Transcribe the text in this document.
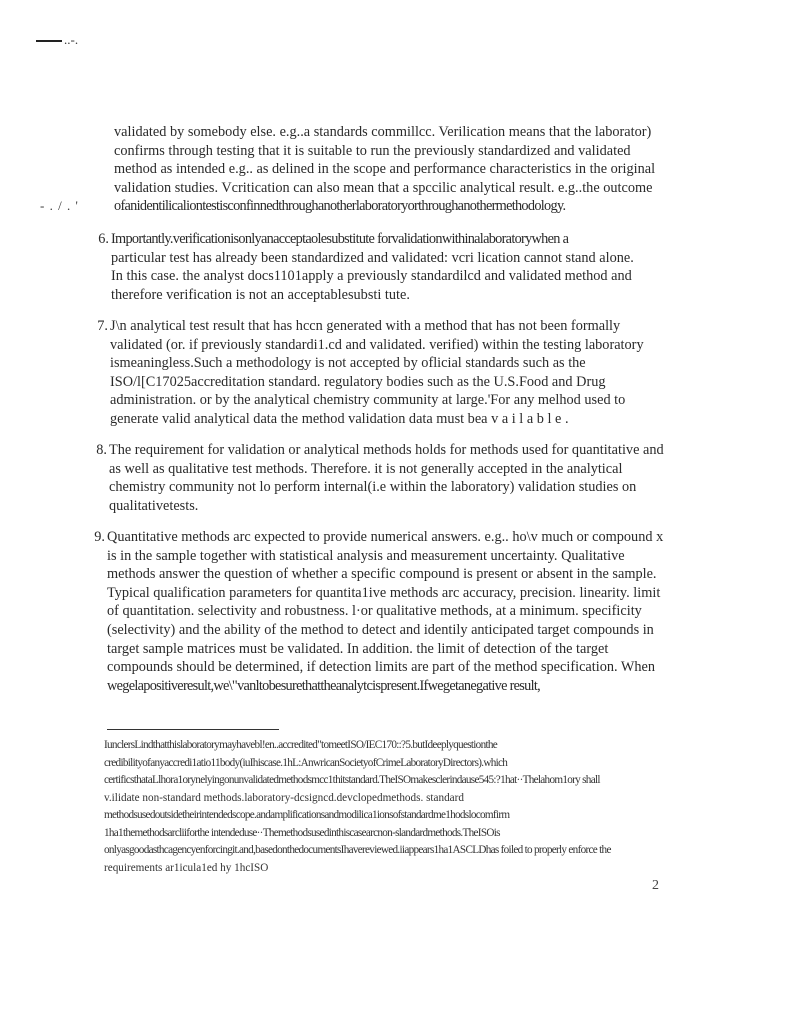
..-.
- . / . '
validated by somebody else. e.g..a standards commillcc. Verilication means that the laborator)
confirms through testing that it is suitable to run the previously standardized and validated
method as intended e.g.. as delined in the scope and performance characteristics in the original
validation studies. Vcritication can also mean that a spccilic analytical result. e.g..the outcome
ofanidentilicaliontestisconfinnedthroughanotherlaboratoryorthroughanothermethodology.
6. Importantly.verificationisonlyanacceptaolesubstitute forvalidationwithinalaboratorywhen a
particular test has already been standardized and validated: vcri lication cannot stand alone.
In this case. the analyst docs1101apply a previously standardilcd and validated method and
therefore verification is not an acceptablesubsti tute.
7. J\n analytical test result that has hccn generated with a method that has not been formally
validated (or. if previously standardi1.cd and validated. verified) within the testing laboratory
ismeaningless.Such a methodology is not accepted by oflicial standards such as the
ISO/l[C17025accreditation standard. regulatory bodies such as the U.S.Food and Drug
administration. or by the analytical chemistry community at large.'For any melhod used to
generate valid analytical data the method validation data must bea v a i l a b l e .
8. The requirement for validation or analytical methods holds for methods used for quantitative and
as well as qualitative test methods. Therefore. it is not generally accepted in the analytical
chemistry community not lo perform internal(i.e within the laboratory) validation studies on
qualitativetests.
9. Quantitative methods arc expected to provide numerical answers. e.g.. ho\v much or compound x
is in the sample together with statistical analysis and measurement uncertainty. Qualitative
methods answer the question of whether a specific compound is present or absent in the sample.
Typical qualification parameters for quantita1ive methods arc accuracy, precision. linearity. limit
of quantitation. selectivity and robustness. l·or qualitative methods, at a minimum. specificity
(selectivity) and the ability of the method to detect and identily anticipated target compounds in
target sample matrices must be validated. In addition. the limit of detection of the target
compounds should be determined, if detection limits are part of the method specification. When
wegelapositiveresult,we\"vanltobesurethattheanalytcispresent.Ifwegetanegative result,
IunclersLindthatthislaboratorymayhavebl!en..accredited"tomeetISO/IEC170::?5.butIdeeplyquestionthe
credibilityofanyaccredi1atio11body(iuIhiscase.1hL:AnwricanSocietyofCrimeLaboratoryDirectors).which
certificsthataLlhora1orynelyingonunvalidatedmethodsmcc1thitstandard.TheISOmakesclerindause545:?1hat··Thelahom1ory shall
v.ilidate non-standard methods.laboratory-dcsigncd.devclopedmethods. standard
methodsusedoutsidetheirintendedscope.andamplificationsandmodilica1ionsofstandardme1hodslocomfirm
1ha1themethodsarcliiforthe intendeduse··Themethodsusedinthiscasearcnon-slandardmethods.TheISOis
onlyasgoodasthcagencyenforcingit.and,basedonthedocumentsIhavereviewed.iiappears1ha1ASCLDhas foiled to properly enforce the
requirements ar1icula1ed hy 1hcISO
2
